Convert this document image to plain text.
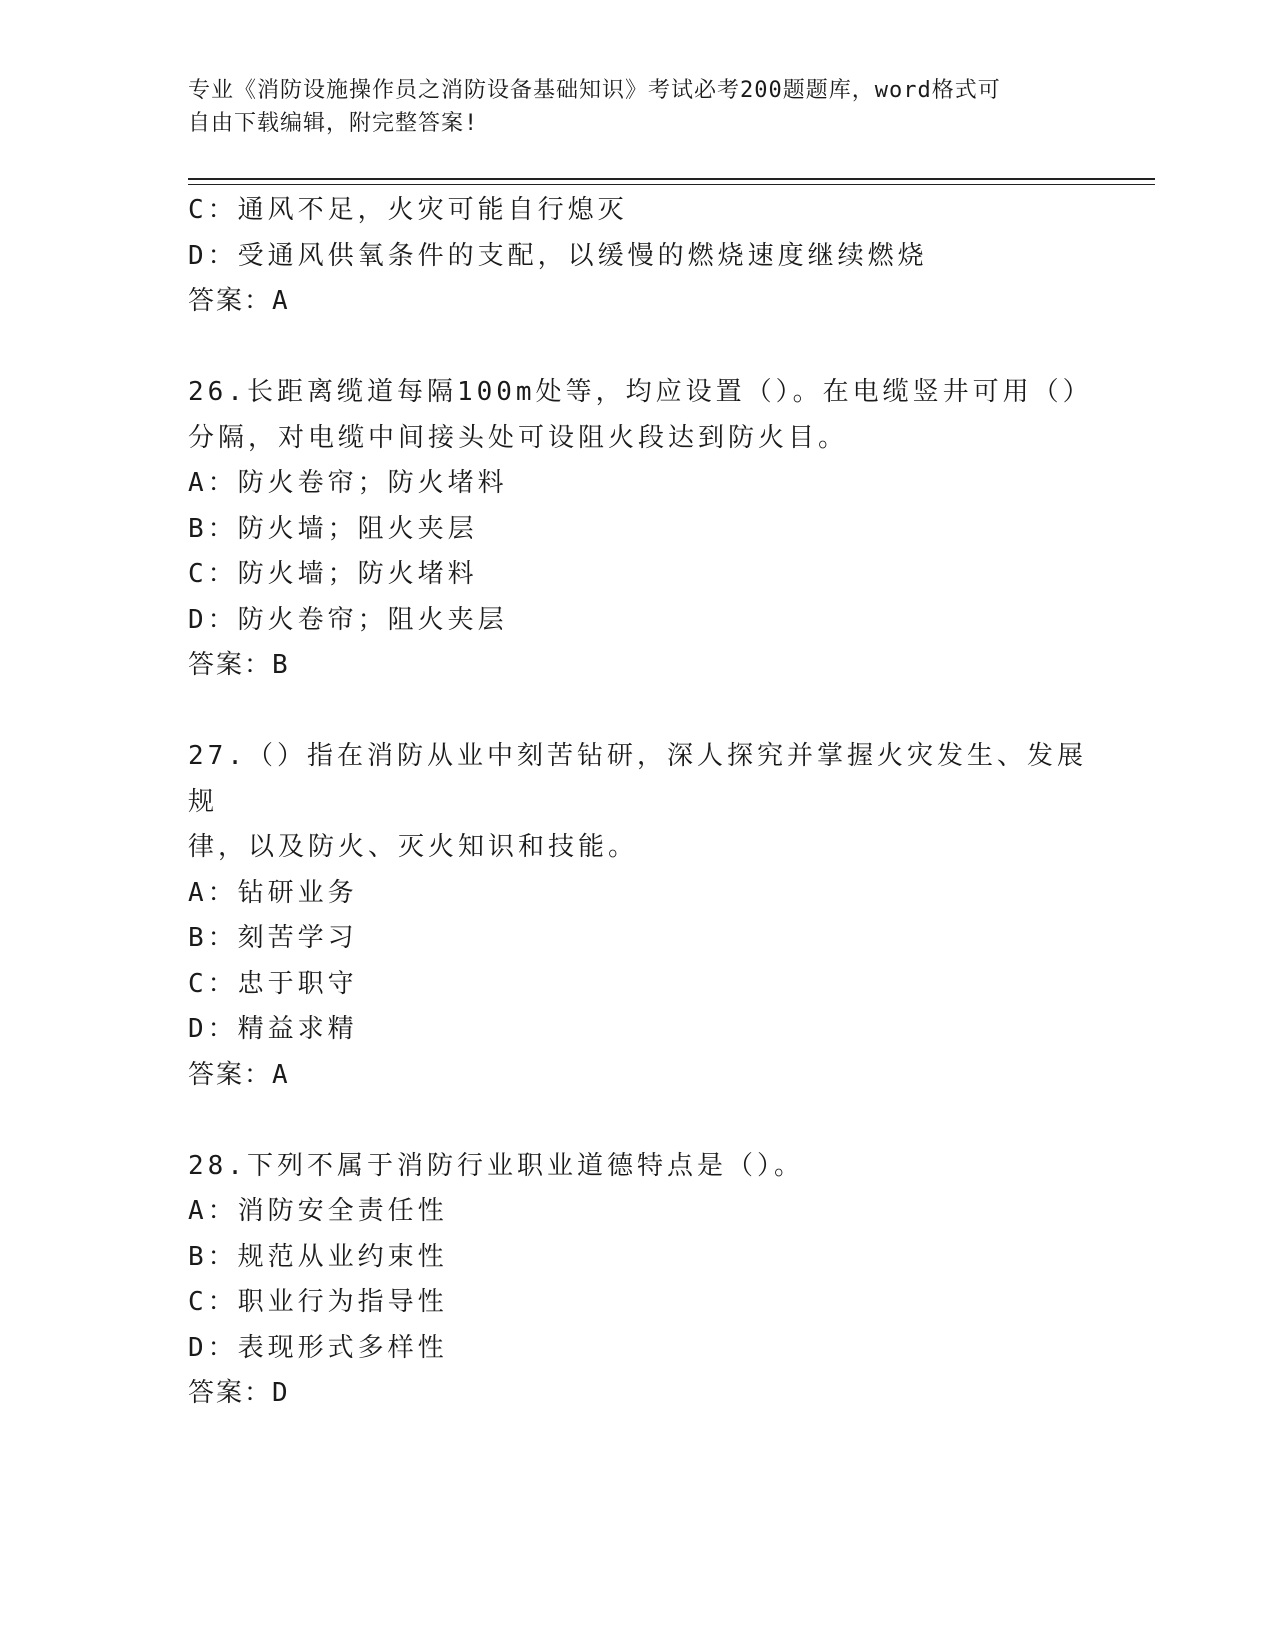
专业《消防设施操作员之消防设备基础知识》考试必考200题题库，word格式可
自由下载编辑，附完整答案!
C：通风不足，火灾可能自行熄灭
D：受通风供氧条件的支配，以缓慢的燃烧速度继续燃烧
答案：A
26.长距离缆道每隔100m处等，均应设置（）。在电缆竖井可用（）
分隔，对电缆中间接头处可设阻火段达到防火目。
A：防火卷帘；防火堵料
B：防火墙；阻火夹层
C：防火墙；防火堵料
D：防火卷帘；阻火夹层
答案：B
27.（）指在消防从业中刻苦钻研，深人探究并掌握火灾发生、发展规
律，以及防火、灭火知识和技能。
A：钻研业务
B：刻苦学习
C：忠于职守
D：精益求精
答案：A
28.下列不属于消防行业职业道德特点是（）。
A：消防安全责任性
B：规范从业约束性
C：职业行为指导性
D：表现形式多样性
答案：D
